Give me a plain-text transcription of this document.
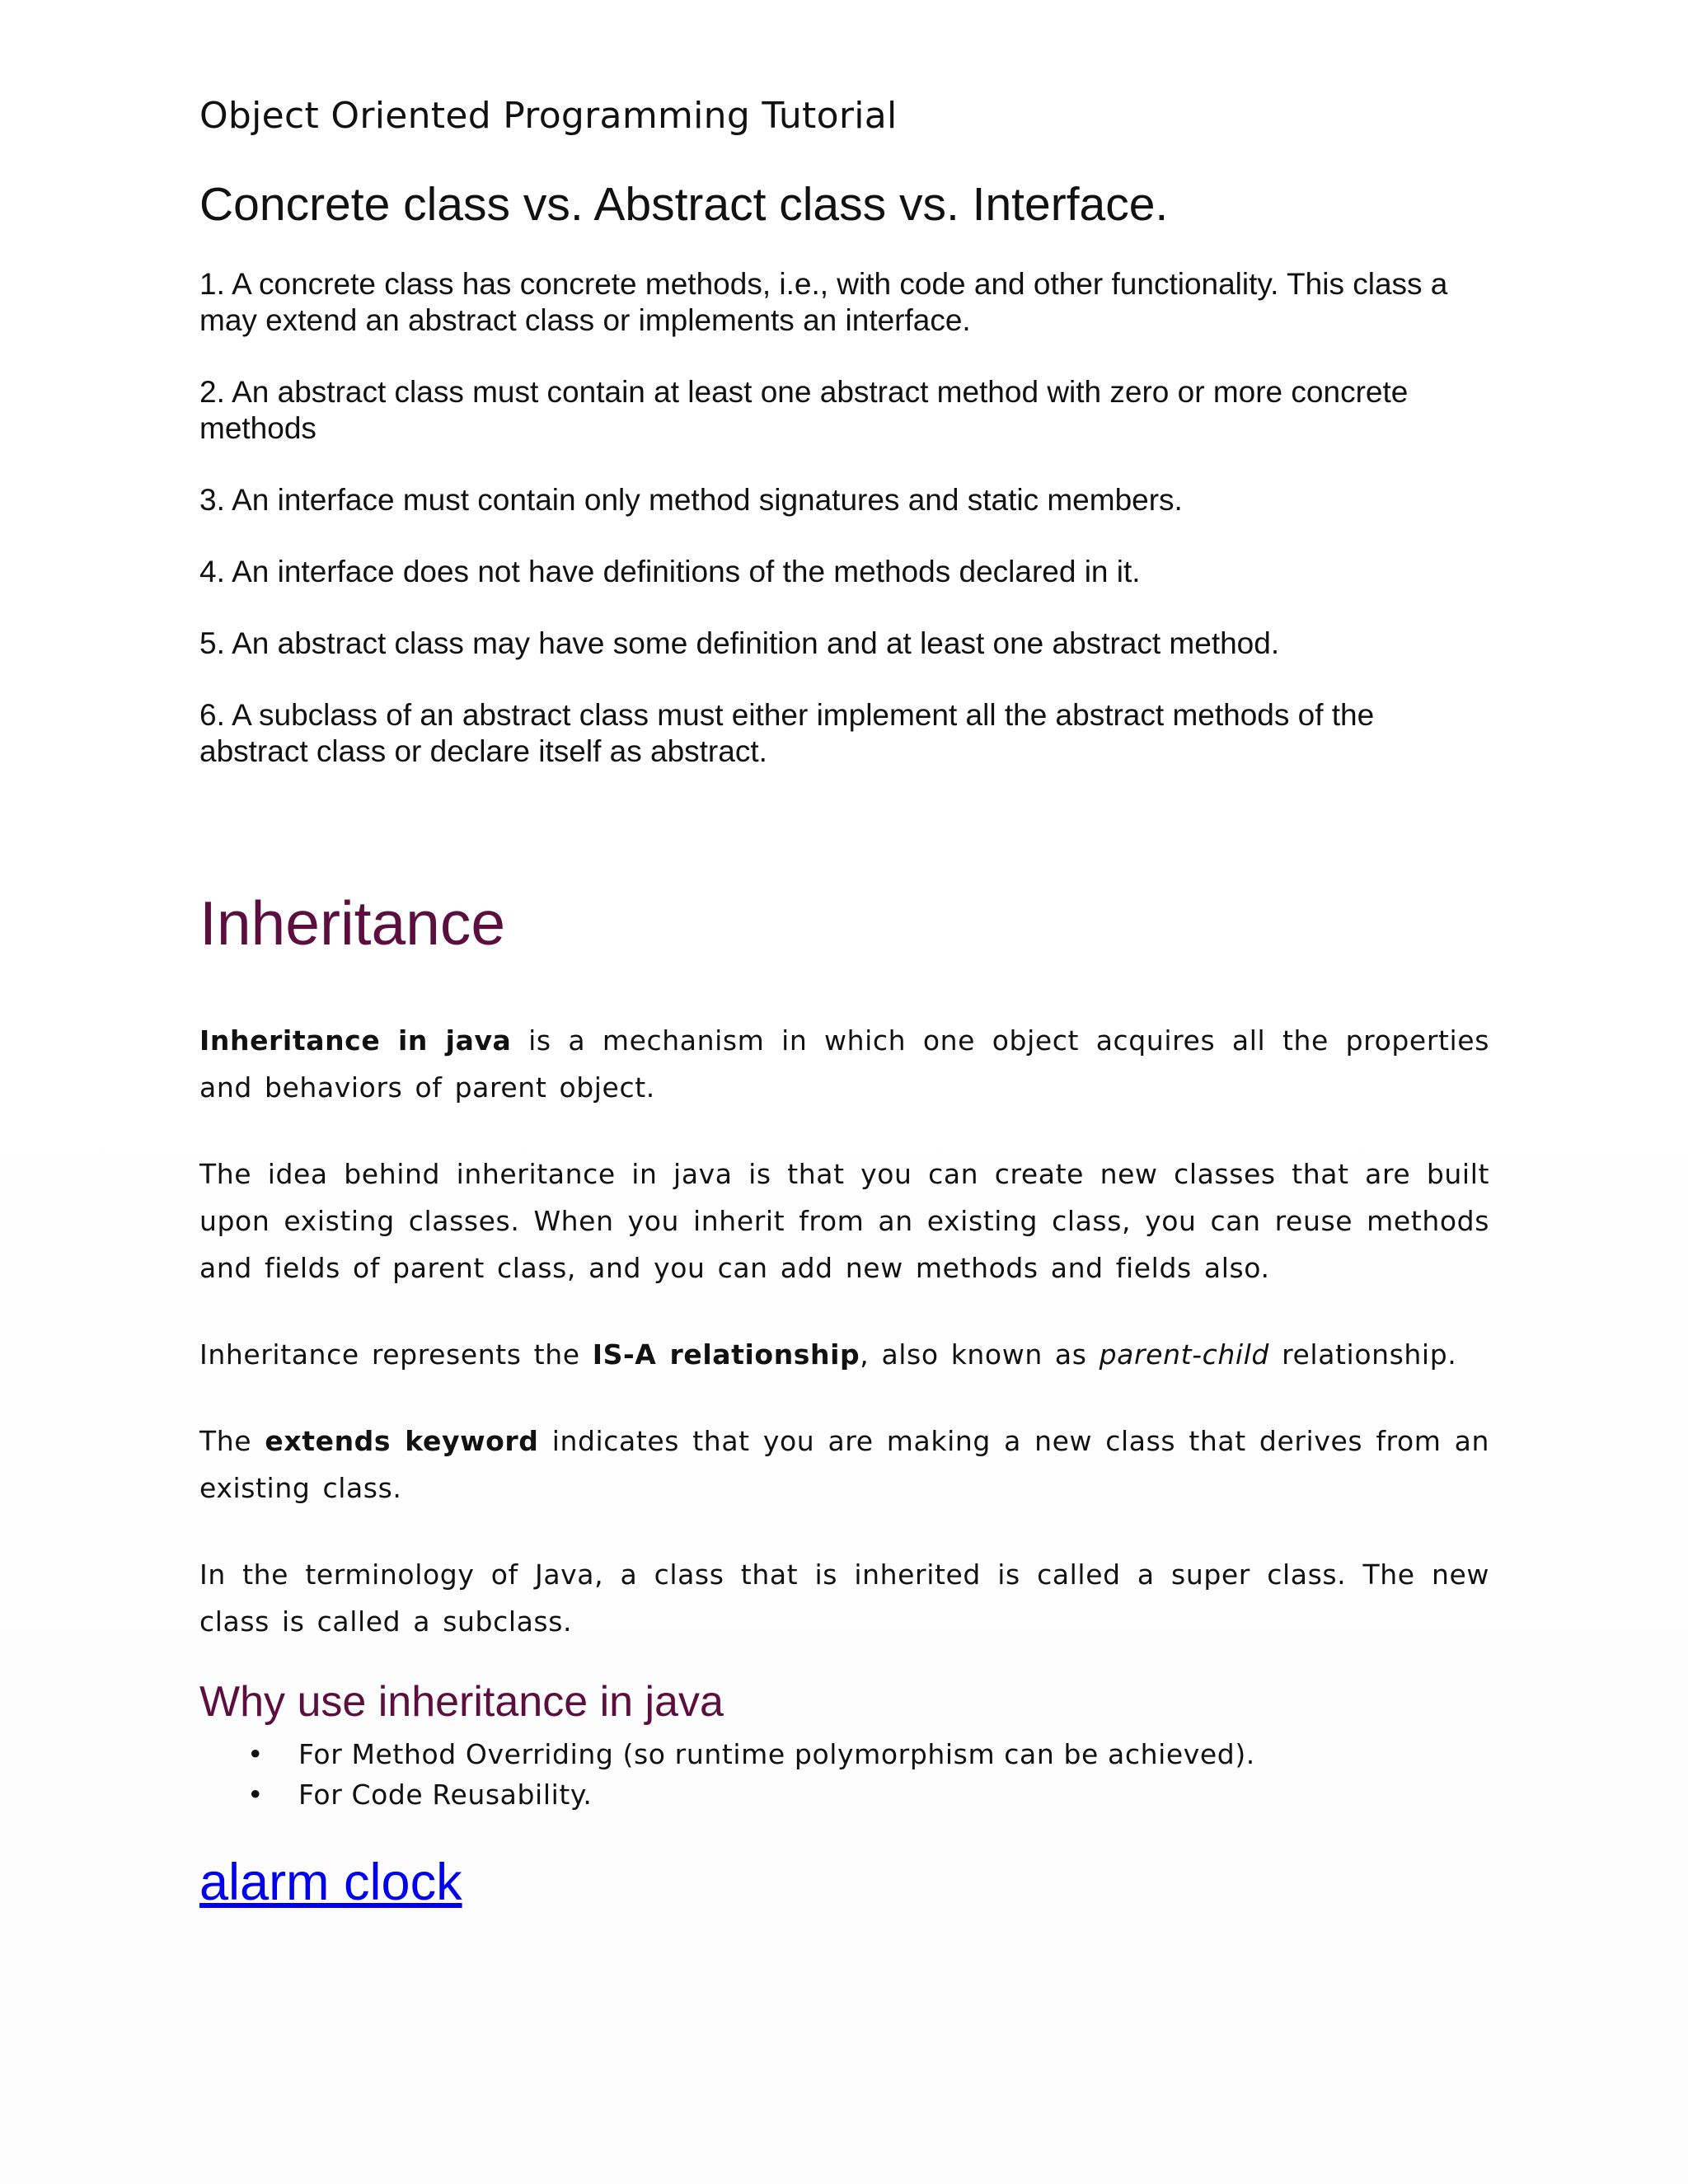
Object Oriented Programming Tutorial
Concrete class vs. Abstract class vs. Interface.

1. A concrete class has concrete methods, i.e., with code and other functionality. This class a may extend an abstract class or implements an interface.

2. An abstract class must contain at least one abstract method with zero or more concrete methods

3. An interface must contain only method signatures and static members.

4. An interface does not have definitions of the methods declared in it.

5. An abstract class may have some definition and at least one abstract method.

6. A subclass of an abstract class must either implement all the abstract methods of the abstract class or declare itself as abstract.

Inheritance

Inheritance in java is a mechanism in which one object acquires all the properties and behaviors of parent object.

The idea behind inheritance in java is that you can create new classes that are built upon existing classes. When you inherit from an existing class, you can reuse methods and fields of parent class, and you can add new methods and fields also.

Inheritance represents the IS-A relationship, also known as parent-child relationship.

The extends keyword indicates that you are making a new class that derives from an existing class.

In the terminology of Java, a class that is inherited is called a super class. The new class is called a subclass.

Why use inheritance in java
• For Method Overriding (so runtime polymorphism can be achieved).
• For Code Reusability.
alarm clock
